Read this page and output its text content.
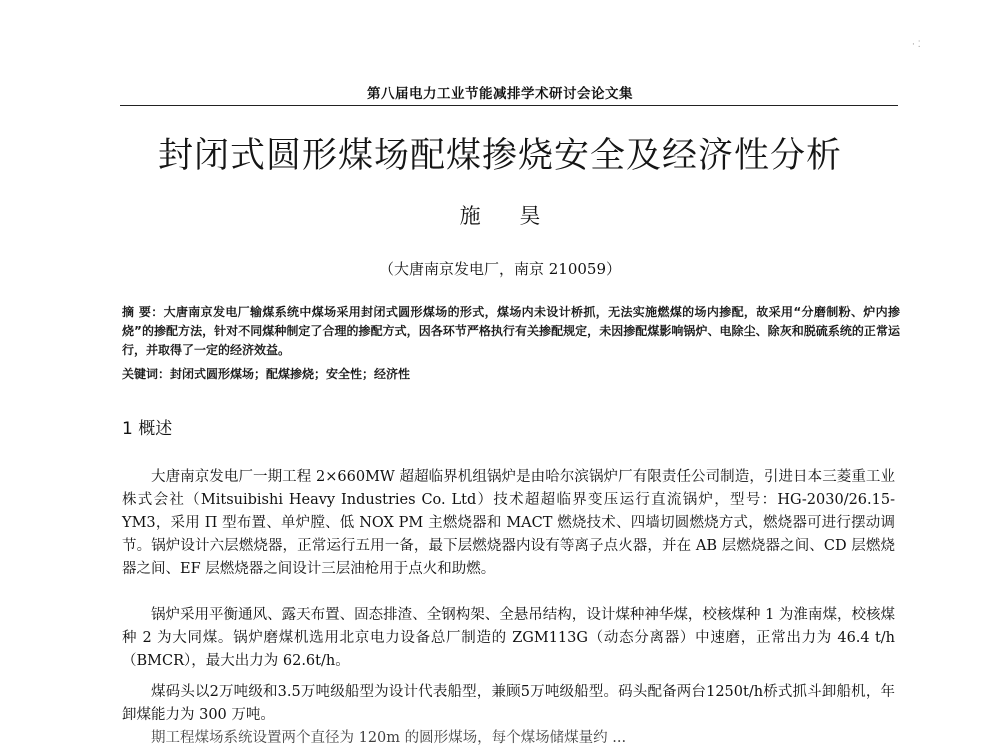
· ⁚
第八届电力工业节能减排学术研讨会论文集
封闭式圆形煤场配煤掺烧安全及经济性分析
施 昊
（大唐南京发电厂，南京 210059）
摘 要：大唐南京发电厂输煤系统中煤场采用封闭式圆形煤场的形式，煤场内未设计桥抓，无法实施燃煤的场内掺配，故采用“分磨制粉、炉内掺烧”的掺配方法，针对不同煤种制定了合理的掺配方式，因各环节严格执行有关掺配规定，未因掺配煤影响锅炉、电除尘、除灰和脱硫系统的正常运行，并取得了一定的经济效益。
关键词：封闭式圆形煤场；配煤掺烧；安全性；经济性
1 概述

大唐南京发电厂一期工程 2×660MW 超超临界机组锅炉是由哈尔滨锅炉厂有限责任公司制造，引进日本三菱重工业株式会社（Mitsuibishi Heavy Industries Co. Ltd）技术超超临界变压运行直流锅炉，型号：HG-2030/26.15-YM3，采用 Π 型布置、单炉膛、低 NOX PM 主燃烧器和 MACT 燃烧技术、四墙切圆燃烧方式，燃烧器可进行摆动调节。锅炉设计六层燃烧器，正常运行五用一备，最下层燃烧器内设有等离子点火器，并在 AB 层燃烧器之间、CD 层燃烧器之间、EF 层燃烧器之间设计三层油枪用于点火和助燃。

锅炉采用平衡通风、露天布置、固态排渣、全钢构架、全悬吊结构，设计煤种神华煤，校核煤种 1 为淮南煤，校核煤种 2 为大同煤。锅炉磨煤机选用北京电力设备总厂制造的 ZGM113G（动态分离器）中速磨，正常出力为 46.4 t/h（BMCR），最大出力为 62.6t/h。

煤码头以2万吨级和3.5万吨级船型为设计代表船型，兼顾5万吨级船型。码头配备两台1250t/h桥式抓斗卸船机，年卸煤能力为 300 万吨。

期工程煤场系统设置两个直径为 120m 的圆形煤场，每个煤场储煤量约 ...
